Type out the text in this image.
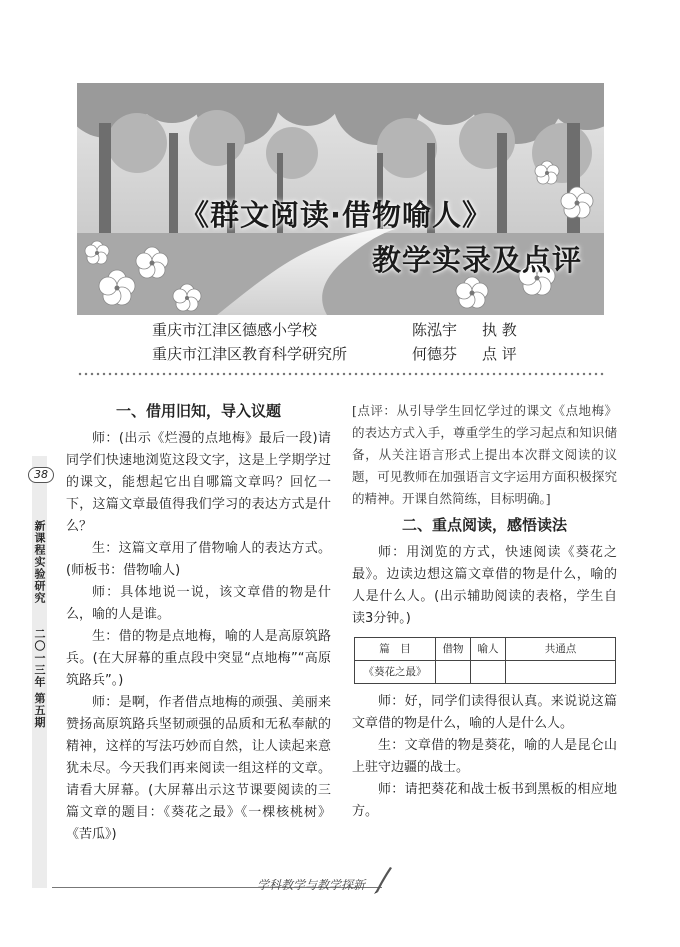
《群文阅读·借物喻人》
教学实录及点评
重庆市江津区德感小学校	陈泓宇 执 教
重庆市江津区教育科学研究所	何德芬 点 评
38
新课程实验研究  二〇一三年 第五期
一、借用旧知，导入议题

师：(出示《烂漫的点地梅》最后一段)请同学们快速地浏览这段文字，这是上学期学过的课文，能想起它出自哪篇文章吗？回忆一下，这篇文章最值得我们学习的表达方式是什么？

生：这篇文章用了借物喻人的表达方式。(师板书：借物喻人)

师：具体地说一说，该文章借的物是什么，喻的人是谁。

生：借的物是点地梅，喻的人是高原筑路兵。(在大屏幕的重点段中突显“点地梅”“高原筑路兵”。)

师：是啊，作者借点地梅的顽强、美丽来赞扬高原筑路兵坚韧顽强的品质和无私奉献的精神，这样的写法巧妙而自然，让人读起来意犹未尽。今天我们再来阅读一组这样的文章。请看大屏幕。(大屏幕出示这节课要阅读的三篇文章的题目：《葵花之最》《一棵核桃树》《苦瓜》)

[点评：从引导学生回忆学过的课文《点地梅》的表达方式入手，尊重学生的学习起点和知识储备，从关注语言形式上提出本次群文阅读的议题，可见教师在加强语言文字运用方面积极探究的精神。开课自然简练，目标明确。]

二、重点阅读，感悟读法

师：用浏览的方式，快速阅读《葵花之最》。边读边想这篇文章借的物是什么，喻的人是什么人。(出示辅助阅读的表格，学生自读3分钟。)

篇　目	借物	喻人	共通点
《葵花之最》			

师：好，同学们读得很认真。来说说这篇文章借的物是什么，喻的人是什么人。

生：文章借的物是葵花，喻的人是昆仑山上驻守边疆的战士。

师：请把葵花和战士板书到黑板的相应地方。

学科教学与教学探新
